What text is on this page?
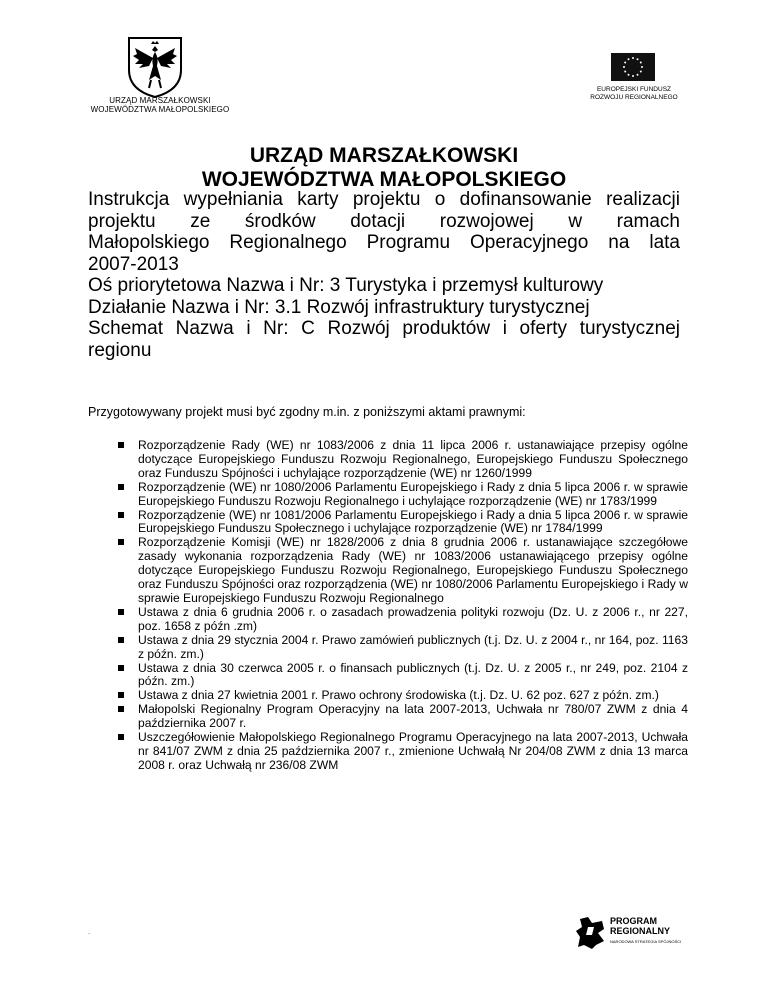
URZĄD MARSZAŁKOWSKI
WOJEWÓDZTWA MAŁOPOLSKIEGO
EUROPEJSKI FUNDUSZ
ROZWOJU REGIONALNEGO
URZĄD MARSZAŁKOWSKI
WOJEWÓDZTWA MAŁOPOLSKIEGO
Instrukcja wypełniania karty projektu o dofinansowanie realizacji
projektu ze środków dotacji rozwojowej w ramach
Małopolskiego Regionalnego Programu Operacyjnego na lata
2007-2013
Oś priorytetowa Nazwa i Nr: 3 Turystyka i przemysł kulturowy
Działanie Nazwa i Nr: 3.1 Rozwój infrastruktury turystycznej
Schemat Nazwa i Nr: C Rozwój produktów i oferty turystycznej
regionu
Przygotowywany projekt musi być zgodny m.in. z poniższymi aktami prawnymi:
Rozporządzenie Rady (WE) nr 1083/2006 z dnia 11 lipca 2006 r. ustanawiające przepisy ogólne dotyczące Europejskiego Funduszu Rozwoju Regionalnego, Europejskiego Funduszu Społecznego oraz Funduszu Spójności i uchylające rozporządzenie (WE) nr 1260/1999
Rozporządzenie (WE) nr 1080/2006 Parlamentu Europejskiego i Rady z dnia 5 lipca 2006 r. w sprawie Europejskiego Funduszu Rozwoju Regionalnego i uchylające rozporządzenie (WE) nr 1783/1999
Rozporządzenie (WE) nr 1081/2006 Parlamentu Europejskiego i Rady a dnia 5 lipca 2006 r. w sprawie Europejskiego Funduszu Społecznego i uchylające rozporządzenie (WE) nr 1784/1999
Rozporządzenie Komisji (WE) nr 1828/2006 z dnia 8 grudnia 2006 r. ustanawiające szczegółowe zasady wykonania rozporządzenia Rady (WE) nr 1083/2006 ustanawiającego przepisy ogólne dotyczące Europejskiego Funduszu Rozwoju Regionalnego, Europejskiego Funduszu Społecznego oraz Funduszu Spójności oraz rozporządzenia (WE) nr 1080/2006 Parlamentu Europejskiego i Rady w sprawie Europejskiego Funduszu Rozwoju Regionalnego
Ustawa z dnia 6 grudnia 2006 r. o zasadach prowadzenia polityki rozwoju (Dz. U. z 2006 r., nr 227, poz. 1658 z późn .zm)
Ustawa z dnia 29 stycznia 2004 r. Prawo zamówień publicznych (t.j. Dz. U. z 2004 r., nr 164, poz. 1163 z późn. zm.)
Ustawa z dnia 30 czerwca 2005 r. o finansach publicznych (t.j. Dz. U. z 2005 r., nr 249, poz. 2104 z późn. zm.)
Ustawa z dnia 27 kwietnia 2001 r. Prawo ochrony środowiska (t.j. Dz. U. 62 poz. 627 z późn. zm.)
Małopolski Regionalny Program Operacyjny na lata 2007-2013, Uchwała nr 780/07 ZWM z dnia 4 października 2007 r.
Uszczegółowienie Małopolskiego Regionalnego Programu Operacyjnego na lata 2007-2013, Uchwała nr 841/07 ZWM z dnia 25 października 2007 r., zmienione Uchwałą Nr 204/08 ZWM z dnia 13 marca 2008 r. oraz Uchwałą nr 236/08 ZWM
.
PROGRAM
REGIONALNY
NARODOWA STRATEGIA SPÓJNOŚCI
